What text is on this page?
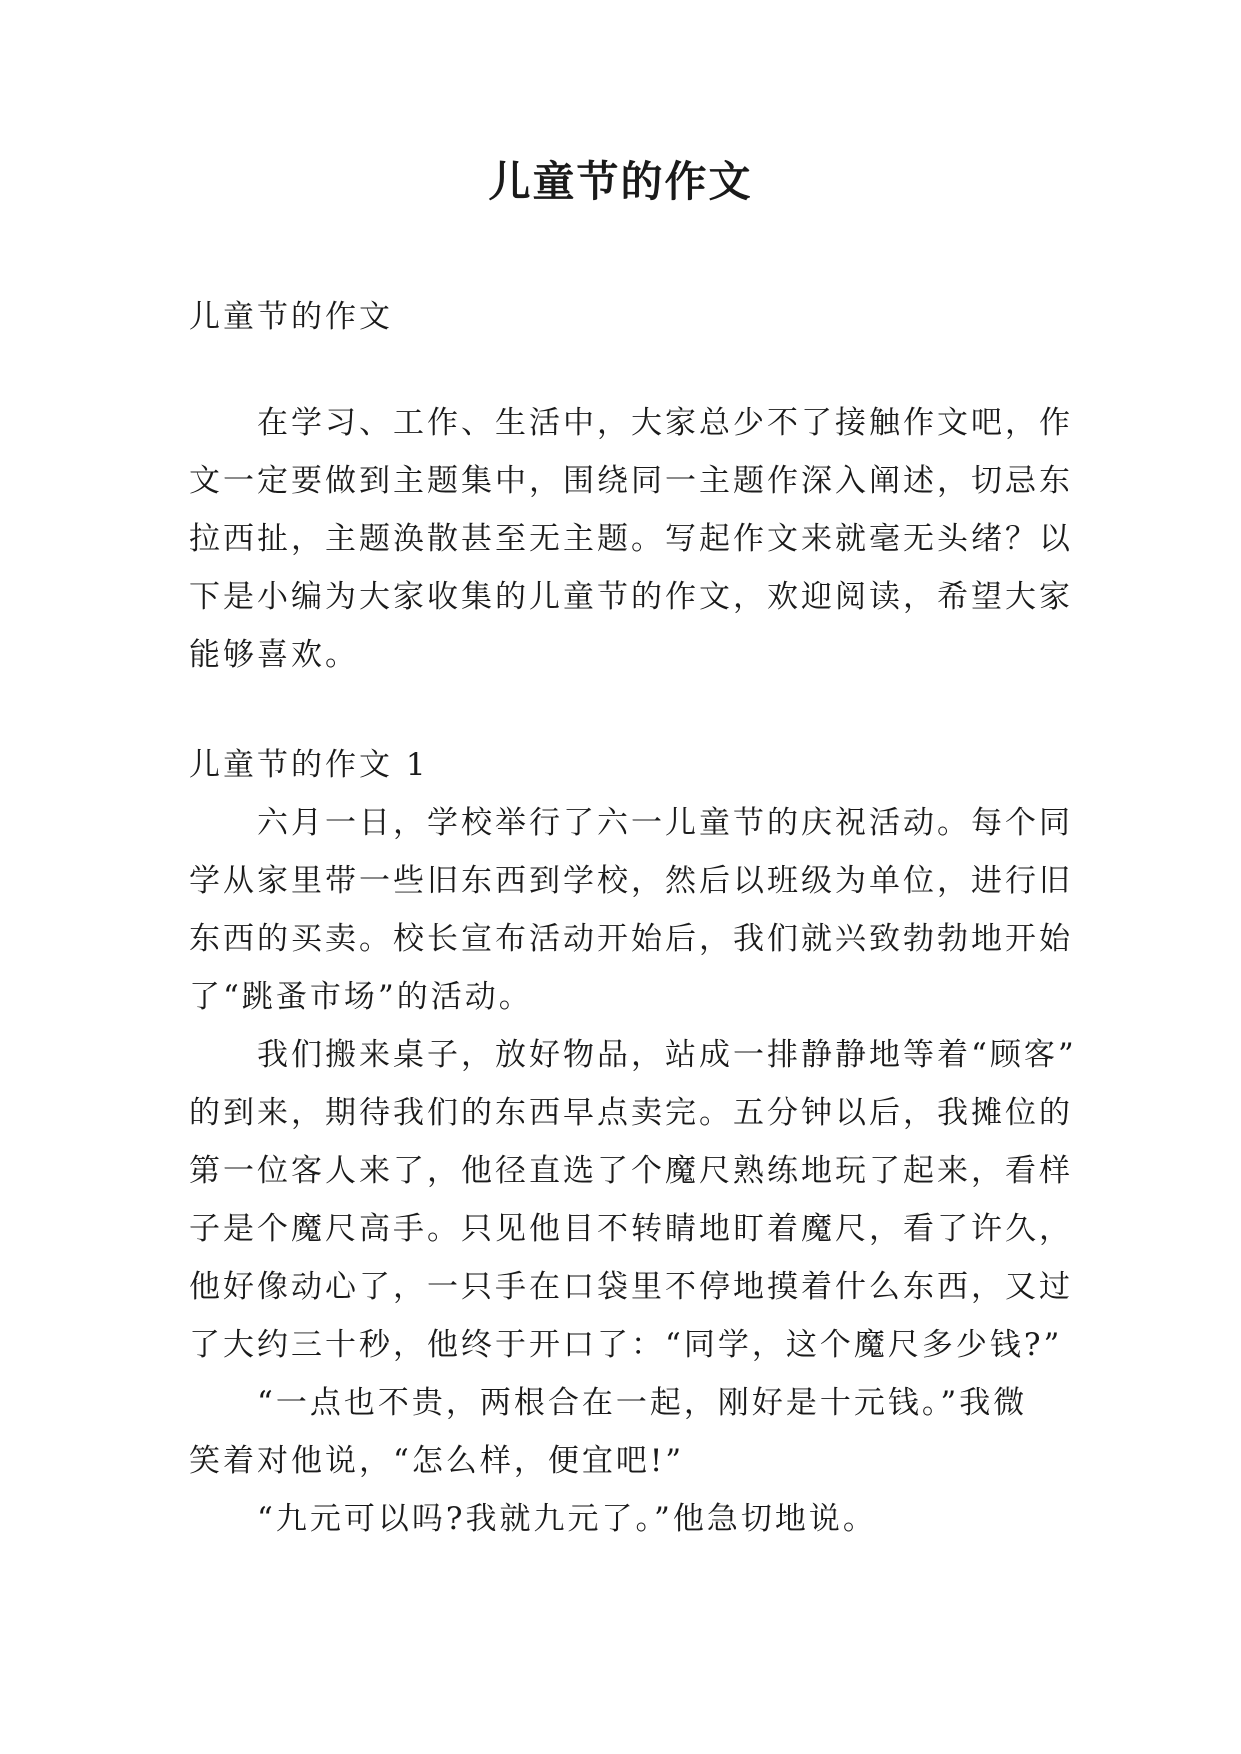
儿童节的作文
儿童节的作文
在学习、工作、生活中，大家总少不了接触作文吧，作
文一定要做到主题集中，围绕同一主题作深入阐述，切忌东
拉西扯，主题涣散甚至无主题。写起作文来就毫无头绪？以
下是小编为大家收集的儿童节的作文，欢迎阅读，希望大家
能够喜欢。
儿童节的作文 1
六月一日，学校举行了六一儿童节的庆祝活动。每个同
学从家里带一些旧东西到学校，然后以班级为单位，进行旧
东西的买卖。校长宣布活动开始后，我们就兴致勃勃地开始
了“跳蚤市场”的活动。
我们搬来桌子，放好物品，站成一排静静地等着“顾客”
的到来，期待我们的东西早点卖完。五分钟以后，我摊位的
第一位客人来了，他径直选了个魔尺熟练地玩了起来，看样
子是个魔尺高手。只见他目不转睛地盯着魔尺，看了许久，
他好像动心了，一只手在口袋里不停地摸着什么东西，又过
了大约三十秒，他终于开口了：“同学，这个魔尺多少钱?”
“一点也不贵，两根合在一起，刚好是十元钱。”我微
笑着对他说，“怎么样，便宜吧!”
“九元可以吗?我就九元了。”他急切地说。
